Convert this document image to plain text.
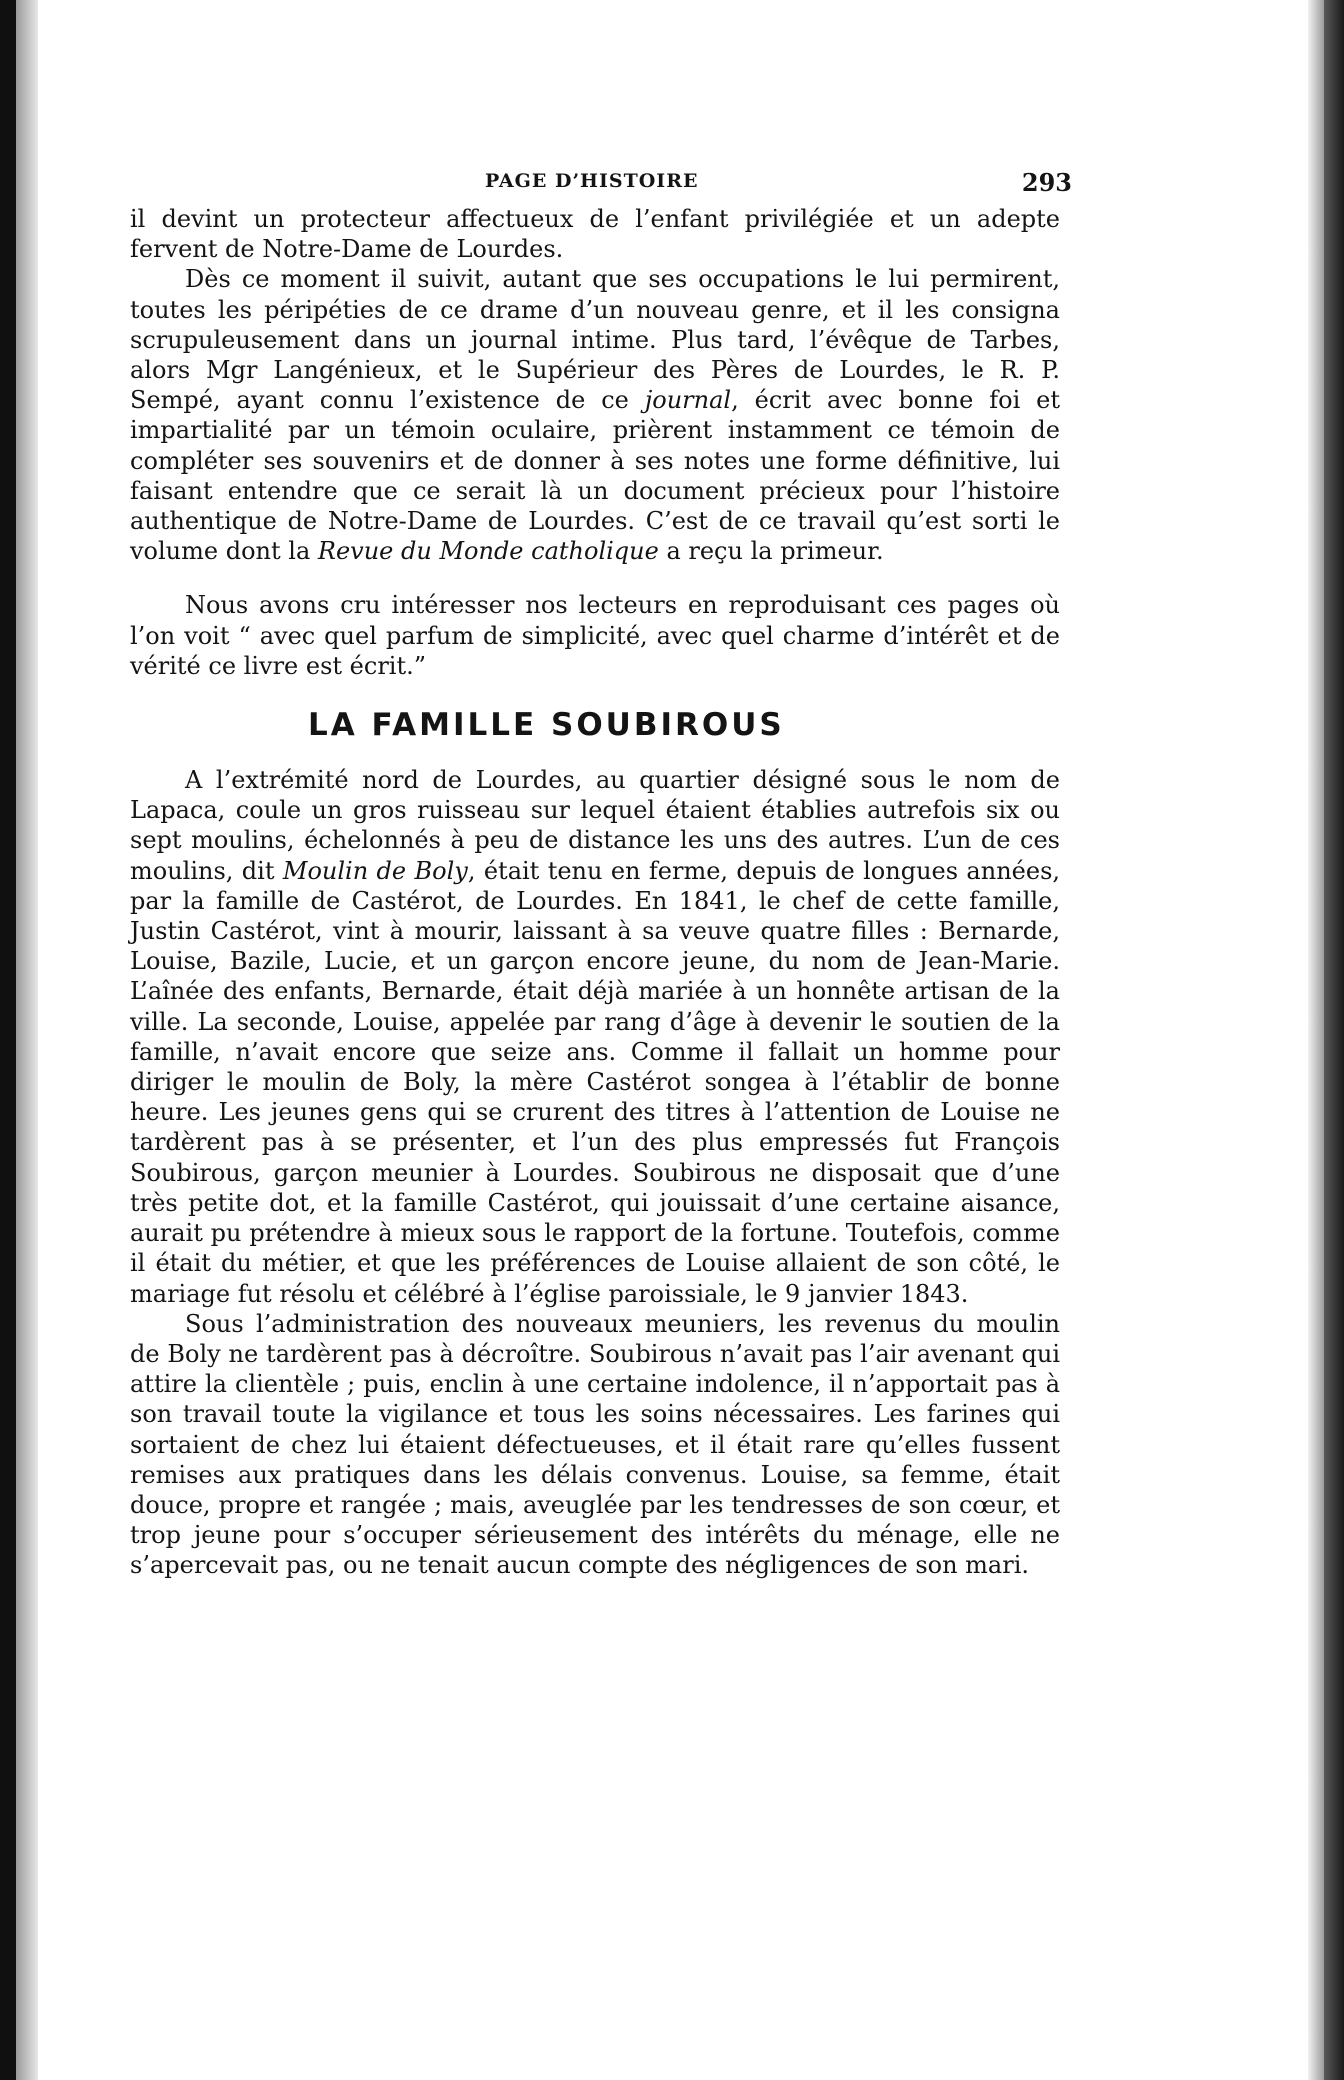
PAGE D’HISTOIRE	293

il devint un protecteur affectueux de l’enfant privilégiée et un adepte fervent de Notre-Dame de Lourdes.

Dès ce moment il suivit, autant que ses occupations le lui permirent, toutes les péripéties de ce drame d’un nouveau genre, et il les consigna scrupuleusement dans un journal intime. Plus tard, l’évêque de Tarbes, alors Mgr Langénieux, et le Supérieur des Pères de Lourdes, le R. P. Sempé, ayant connu l’existence de ce journal, écrit avec bonne foi et impartialité par un témoin oculaire, prièrent instamment ce témoin de compléter ses souvenirs et de donner à ses notes une forme définitive, lui faisant entendre que ce serait là un document précieux pour l’histoire authentique de Notre-Dame de Lourdes. C’est de ce travail qu’est sorti le volume dont la Revue du Monde catholique a reçu la primeur.

Nous avons cru intéresser nos lecteurs en reproduisant ces pages où l’on voit “ avec quel parfum de simplicité, avec quel charme d’intérêt et de vérité ce livre est écrit.”

LA FAMILLE SOUBIROUS

A l’extrémité nord de Lourdes, au quartier désigné sous le nom de Lapaca, coule un gros ruisseau sur lequel étaient établies autrefois six ou sept moulins, échelonnés à peu de distance les uns des autres. L’un de ces moulins, dit Moulin de Boly, était tenu en ferme, depuis de longues années, par la famille de Castérot, de Lourdes. En 1841, le chef de cette famille, Justin Castérot, vint à mourir, laissant à sa veuve quatre filles : Bernarde, Louise, Bazile, Lucie, et un garçon encore jeune, du nom de Jean-Marie. L’aînée des enfants, Bernarde, était déjà mariée à un honnête artisan de la ville. La seconde, Louise, appelée par rang d’âge à devenir le soutien de la famille, n’avait encore que seize ans. Comme il fallait un homme pour diriger le moulin de Boly, la mère Castérot songea à l’établir de bonne heure. Les jeunes gens qui se crurent des titres à l’attention de Louise ne tardèrent pas à se présenter, et l’un des plus empressés fut François Soubirous, garçon meunier à Lourdes. Soubirous ne disposait que d’une très petite dot, et la famille Castérot, qui jouissait d’une certaine aisance, aurait pu prétendre à mieux sous le rapport de la fortune. Toutefois, comme il était du métier, et que les préférences de Louise allaient de son côté, le mariage fut résolu et célébré à l’église paroissiale, le 9 janvier 1843.

Sous l’administration des nouveaux meuniers, les revenus du moulin de Boly ne tardèrent pas à décroître. Soubirous n’avait pas l’air avenant qui attire la clientèle ; puis, enclin à une certaine indolence, il n’apportait pas à son travail toute la vigilance et tous les soins nécessaires. Les farines qui sortaient de chez lui étaient défectueuses, et il était rare qu’elles fussent remises aux pratiques dans les délais convenus. Louise, sa femme, était douce, propre et rangée ; mais, aveuglée par les tendresses de son cœur, et trop jeune pour s’occuper sérieusement des intérêts du ménage, elle ne s’apercevait pas, ou ne tenait aucun compte des négligences de son mari.
